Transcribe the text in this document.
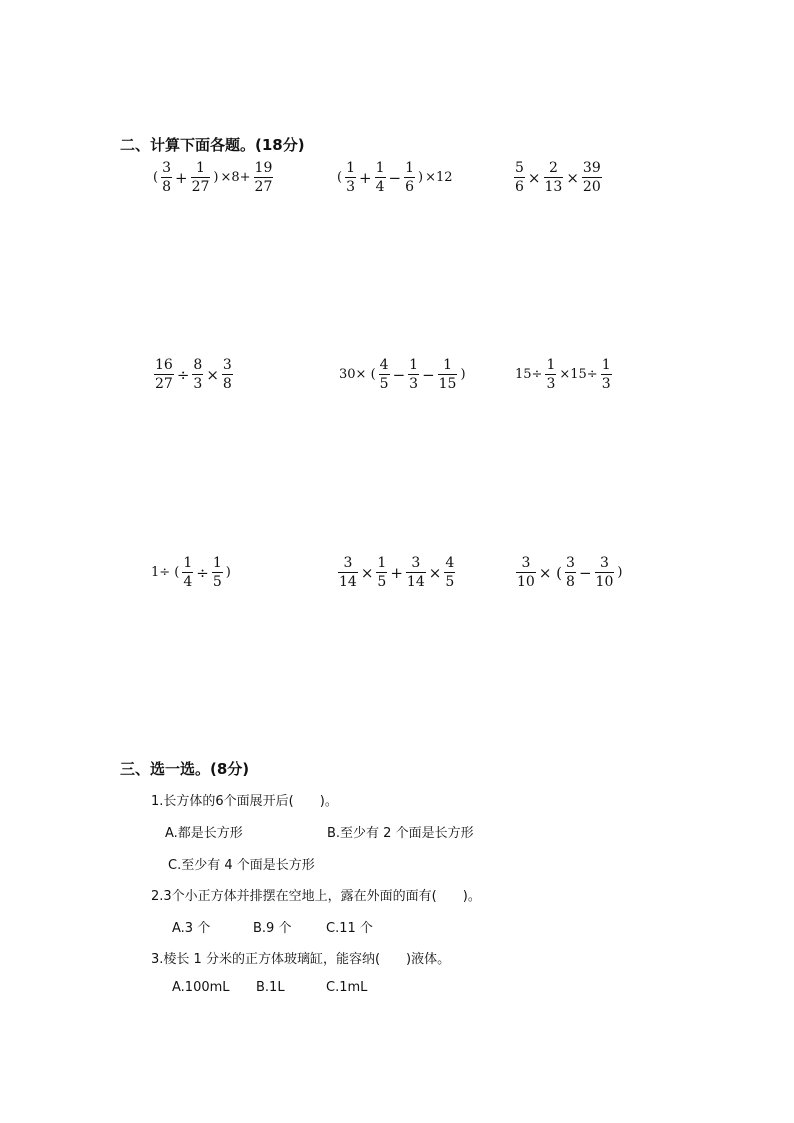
二、计算下面各题。(18分)
( $\frac{3}{8} + \frac{1}{27}$ ) $\times 8+ \frac{19}{27}$	( $\frac{1}{3} + \frac{1}{4} - \frac{1}{6}$ ) ×12	$\frac{5}{6} \times \frac{2}{13} \times \frac{39}{20}$
$\frac{16}{27} \div \frac{8}{3} \times \frac{3}{8}$	30× ( $\frac{4}{5} - \frac{1}{3} - \frac{1}{15}$ )	$15\div \frac{1}{3} \times 15\div \frac{1}{3}$
1÷ ( $\frac{1}{4} \div \frac{1}{5}$ )	$\frac{3}{14} \times \frac{1}{5} + \frac{3}{14} \times \frac{4}{5}$	$\frac{3}{10}$ × ( $\frac{3}{8} - \frac{3}{10}$ )
三、选一选。(8分)
1.长方体的6个面展开后(　　)。
A.都是长方形	B.至少有 2 个面是长方形
C.至少有 4 个面是长方形
2.3个小正方体并排摆在空地上，露在外面的面有(　　)。
A.3 个	B.9 个	C.11 个
3.棱长 1 分米的正方体玻璃缸，能容纳(　　)液体。
A.100mL B.1L	C.1mL
